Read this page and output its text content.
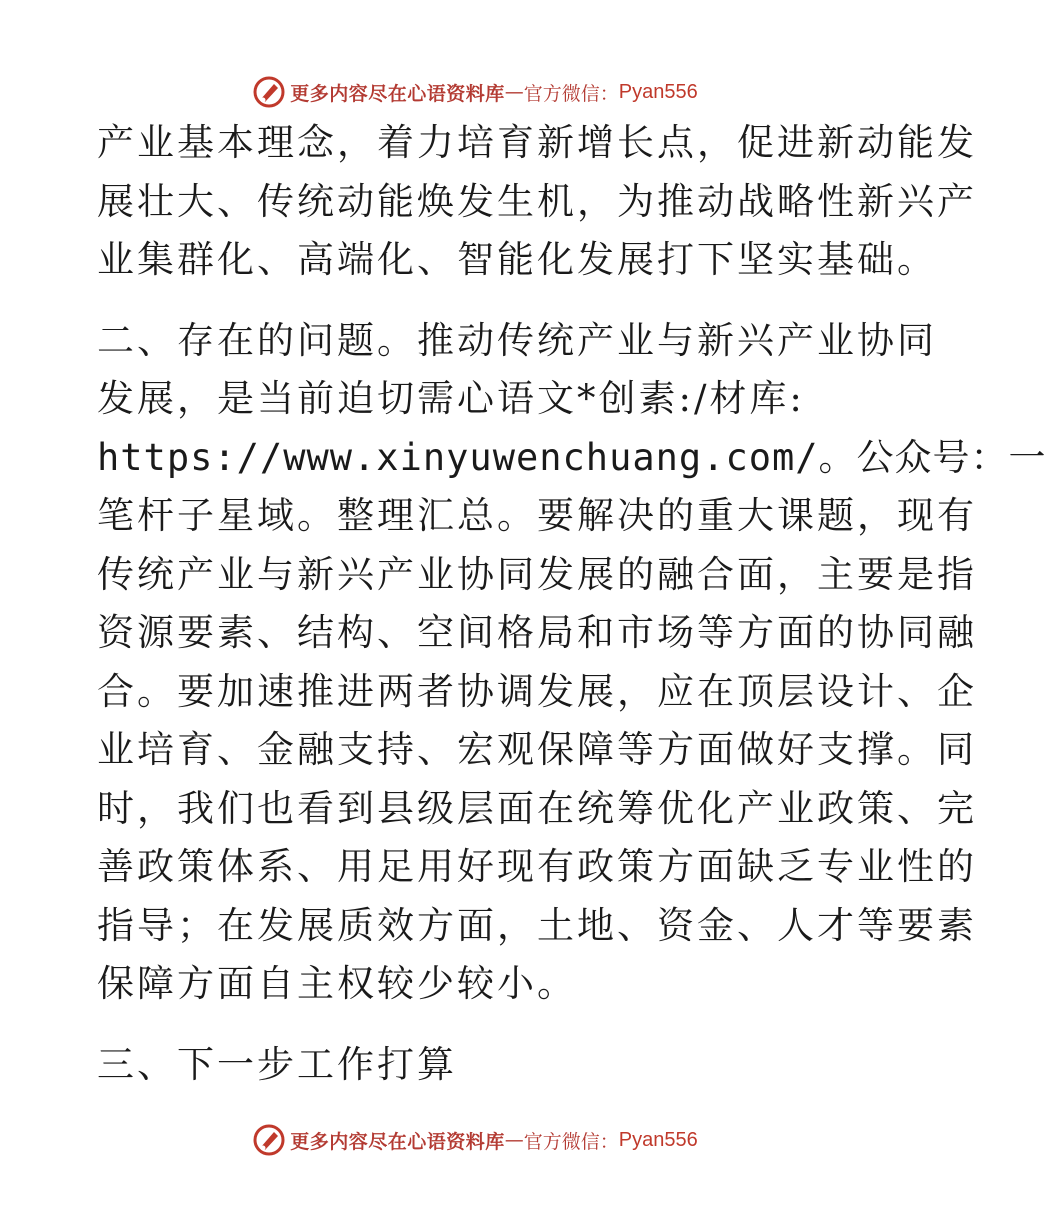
更多内容尽在心语资料库 — 官方微信： Pyan556
产业基本理念，着力培育新增长点，促进新动能发
展壮大、传统动能焕发生机，为推动战略性新兴产
业集群化、高端化、智能化发展打下坚实基础。
二、存在的问题。推动传统产业与新兴产业协同
发展，是当前迫切需心语文*创素:/材库:
https://www.xinyuwenchuang.com/。公众号：一
笔杆子星域。整理汇总。要解决的重大课题，现有
传统产业与新兴产业协同发展的融合面，主要是指
资源要素、结构、空间格局和市场等方面的协同融
合。要加速推进两者协调发展，应在顶层设计、企
业培育、金融支持、宏观保障等方面做好支撑。同
时，我们也看到县级层面在统筹优化产业政策、完
善政策体系、用足用好现有政策方面缺乏专业性的
指导；在发展质效方面，土地、资金、人才等要素
保障方面自主权较少较小。
三、下一步工作打算
更多内容尽在心语资料库 — 官方微信： Pyan556
